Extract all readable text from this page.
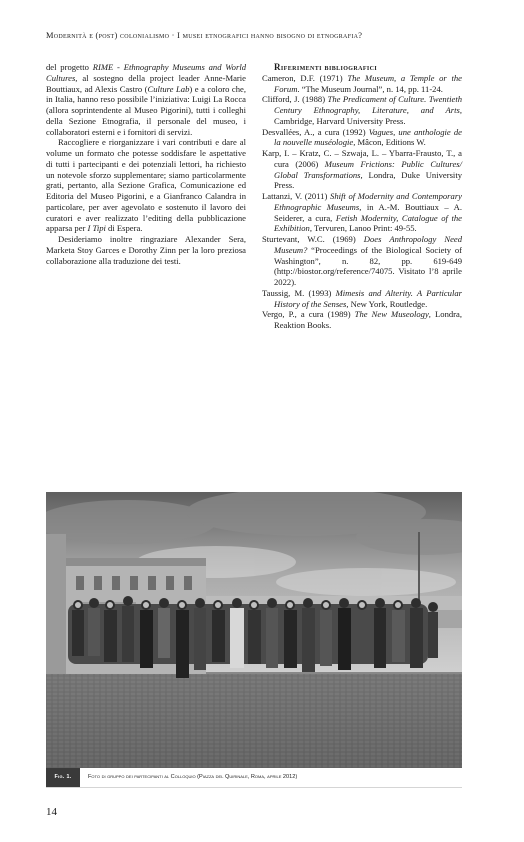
Modernità e (post) colonialismo · I musei etnografici hanno bisogno di etnografia?

del progetto RIME - Ethnography Museums and World Cultures, al sostegno della project leader Anne-Marie Bouttiaux, ad Alexis Castro (Culture Lab) e a coloro che, in Italia, hanno reso possibile l’iniziativa: Luigi La Rocca (allora soprintendente al Museo Pigorini), tutti i colleghi della Sezione Etnografia, il personale del museo, i collaboratori esterni e i fornitori di servizi.

Raccogliere e riorganizzare i vari contributi e dare al volume un formato che potesse soddisfare le aspettative di tutti i partecipanti e dei potenziali lettori, ha richiesto un notevole sforzo supplementare; siamo particolarmente grati, pertanto, alla Sezione Grafica, Comunicazione ed Editoria del Museo Pigorini, e a Gianfranco Calandra in particolare, per aver agevolato e sostenuto il lavoro dei curatori e aver realizzato l’editing della pubblicazione apparsa per I Tipi di Espera.

Desideriamo inoltre ringraziare Alexander Sera, Marketa Stoy Garces e Dorothy Zinn per la loro preziosa collaborazione alla traduzione dei testi.

Riferimenti bibliografici

Cameron, D.F. (1971) The Museum, a Temple or the Forum. “The Museum Journal”, n. 14, pp. 11-24.

Clifford, J. (1988) The Predicament of Culture. Twentieth Century Ethnography, Literature, and Arts, Cambridge, Harvard University Press.

Desvallées, A., a cura (1992) Vagues, une anthologie de la nouvelle muséologie, Mâcon, Editions W.

Karp, I. – Kratz, C. – Szwaja, L. – Ybarra-Frausto, T., a cura (2006) Museum Frictions: Public Cultures/ Global Transformations, Londra, Duke University Press.

Lattanzi, V. (2011) Shift of Modernity and Contemporary Ethnographic Museums, in A.-M. Bouttiaux – A. Seiderer, a cura, Fetish Modernity, Catalogue of the Exhibition, Tervuren, Lanoo Print: 49-55.

Sturtevant, W.C. (1969) Does Anthropology Need Museum? “Proceedings of the Biological Society of Washington”, n. 82, pp. 619-649 (http://biostor.org/reference/74075. Visitato l’8 aprile 2022).

Taussig, M. (1993) Mimesis and Alterity. A Particular History of the Senses, New York, Routledge.

Vergo, P., a cura (1989) The New Museology, Londra, Reaktion Books.

Fig. 1.	Foto di gruppo dei partecipanti al Colloquio (Piazza del Quirinale, Roma, aprile 2012)
14
